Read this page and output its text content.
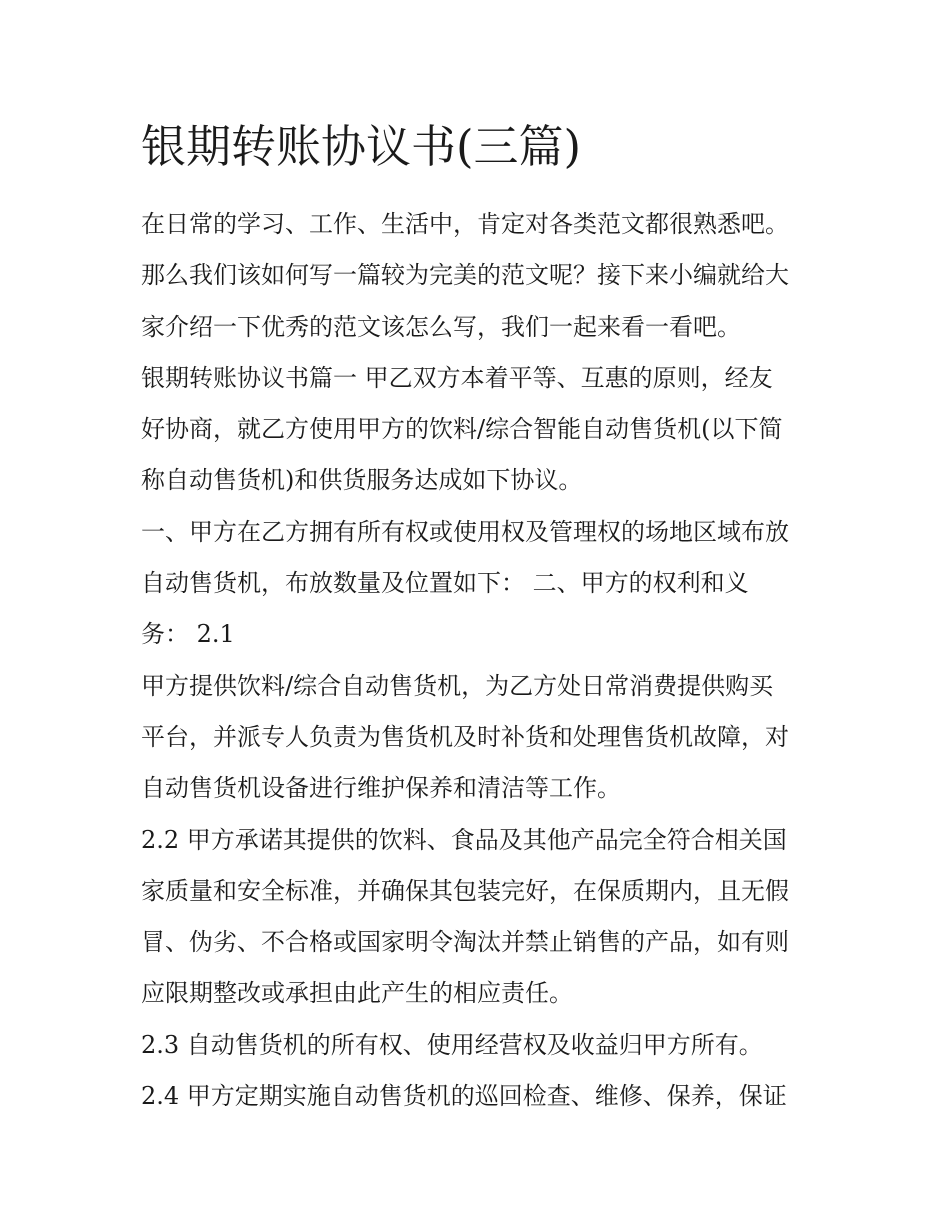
银期转账协议书(三篇)

在日常的学习、工作、生活中，肯定对各类范文都很熟悉吧。

那么我们该如何写一篇较为完美的范文呢？接下来小编就给大

家介绍一下优秀的范文该怎么写，我们一起来看一看吧。

银期转账协议书篇一 甲乙双方本着平等、互惠的原则，经友

好协商，就乙方使用甲方的饮料/综合智能自动售货机(以下简

称自动售货机)和供货服务达成如下协议。

一、甲方在乙方拥有所有权或使用权及管理权的场地区域布放

自动售货机，布放数量及位置如下： 二、甲方的权利和义

务： 2.1

甲方提供饮料/综合自动售货机，为乙方处日常消费提供购买

平台，并派专人负责为售货机及时补货和处理售货机故障，对

自动售货机设备进行维护保养和清洁等工作。

2.2 甲方承诺其提供的饮料、食品及其他产品完全符合相关国

家质量和安全标准，并确保其包装完好，在保质期内，且无假

冒、伪劣、不合格或国家明令淘汰并禁止销售的产品，如有则

应限期整改或承担由此产生的相应责任。

2.3 自动售货机的所有权、使用经营权及收益归甲方所有。

2.4 甲方定期实施自动售货机的巡回检查、维修、保养，保证
